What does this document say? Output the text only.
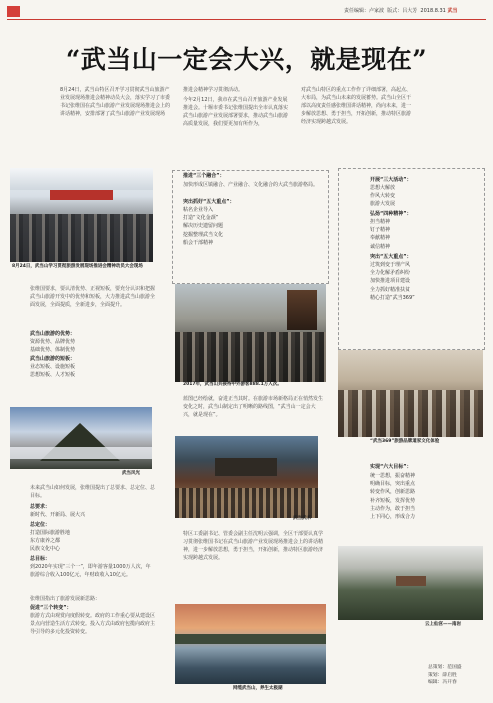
责任编辑：卢家波 版式：吕大芳 2018.8.31 武当
“武当山一定会大兴，就是现在”
8月24日，武当山特区召开学习贯彻武当山旅游产业发展现场推进会精神动员大会，落实学习了市委书记张维国在武当山旅游产业发展现场推进会上的讲话精神，安排部署了武当山旅游产业发展现场
推进会精神学习贯彻活动。
今年2月12日，我市在武当山召开旅游产业发展推进会。十堰市委书记张维国提出全市认真落实武当山旅游产业发展部署要求，推动武当山旅游高质量发展，我们要更加有所作为，
对武当山特区的重点工作作了详细部署，高起点、大布局，为武当山未来的发展蓄势。武当山全区干部以高度责任感张维国讲话精神，尚向未来，进一步解放思想、勇于担当，开拓创新，推动特区旅游经济实现跨越式发展。
8月24日，武当山学习贯彻旅游发展现场推进会精神动员大会现场
张维国要求，要认清优势、正视短板，要充分认识和把握武当山旅游开发中的优势和短板，大力推进武当山旅游全面发展，全面提质，全新进步，全面提升。
武当山旅游的优势：
资源优势、品牌优势
基础优势、体制优势
武当山旅游的短板：
业态短板、设施短板
思想短板、人才短板
武当风光
未来武当山如何发展，张维国提出了总要求、总定位、总目标。
总要求：
新时代、开新局、展大兴
总定位：
打造国际旅游胜地
东方康养之都
民族文化中心
总目标：
到2020年实现“三个一”，即年游客量1000万人次，年旅游综合收入100亿元，年财政收入10亿元。
张维国指出了旅游发展新思路：
促进“三个转变”：
旅游方式由观赏向度假转变。政府的工作重心要从建设区景点向营造生活方式转变。投入方式由政府包揽向政府主导引导的多元化投资转变。
推进“三个融合”：
加快形成区镇融合、产业融合、文化融合的大武当旅游格局。
突出抓好“五大重点”：
粘名企业导入
打造“文化金颈”
解决历史遗留问题
挖掘整理武当文化
船会干部精神
2017年，武当山共接待中外游客888.1万人次。
蓝图已经绘就，奋进正当其时。在旅游市场新格局正在悄然发生变化之时，武当山制定出了明晰的路线图，“武当山一定会大兴，就是现在”。
武当武术
特区工委副书记、管委会副主任沈明云强调，全区干部要认真学习贯彻张维国书记在武当山旅游产业发展现场推进会上的讲话精神，进一步解放思想，勇于担当，开拓创新，推动特区旅游经济实现跨越式发展。
网缆武当山，养生太极湖
开展“三大活动”：
思想大解放
作风大转变
旅游大发展
弘扬“四种精神”：
担当精神
钉子精神
奉献精神
诚信精神
突出“五大重点”：
过筑到变于理产风
全力化解矛盾纠纷
加快推进项目建设
全力抓好精准扶贫
精心打造“武当369”
“武当369”旅游品牌道家文化体验
实现“六大目标”：
统一思想，振奋精神
明确目标，突出重点
转变作风，创新思路
补齐短板，发挥优势
主动作为，敢于担当
上下同心，形成合力
云上仙宫——南岩
总策划：范国盛
策划：薛启胜
编辑：冯开春
